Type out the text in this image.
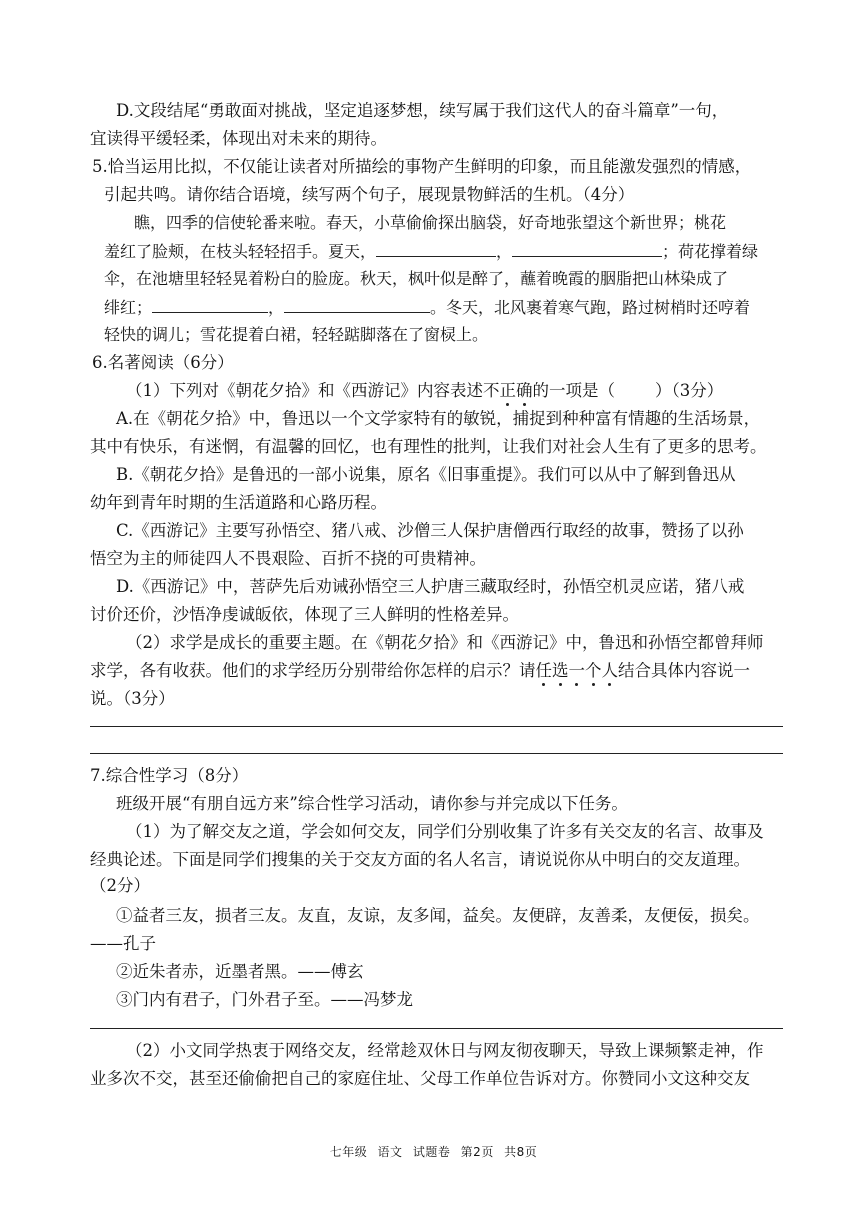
D.文段结尾“勇敢面对挑战，坚定追逐梦想，续写属于我们这代人的奋斗篇章”一句，
宜读得平缓轻柔，体现出对未来的期待。
5.恰当运用比拟，不仅能让读者对所描绘的事物产生鲜明的印象，而且能激发强烈的情感，
引起共鸣。请你结合语境，续写两个句子，展现景物鲜活的生机。（4分）
瞧，四季的信使轮番来啦。春天，小草偷偷探出脑袋，好奇地张望这个新世界；桃花
羞红了脸颊，在枝头轻轻招手。夏天，	，	；荷花撑着绿
伞，在池塘里轻轻晃着粉白的脸庞。秋天，枫叶似是醉了，蘸着晚霞的胭脂把山林染成了
绯红；	，	。冬天，北风裹着寒气跑，路过树梢时还哼着
轻快的调儿；雪花提着白裙，轻轻踮脚落在了窗棂上。
6.名著阅读（6分）
（1）下列对《朝花夕拾》和《西游记》内容表述不正确的一项是（ ）（3分）
A.在《朝花夕拾》中，鲁迅以一个文学家特有的敏锐，捕捉到种种富有情趣的生活场景，
其中有快乐，有迷惘，有温馨的回忆，也有理性的批判，让我们对社会人生有了更多的思考。
B.《朝花夕拾》是鲁迅的一部小说集，原名《旧事重提》。我们可以从中了解到鲁迅从
幼年到青年时期的生活道路和心路历程。
C.《西游记》主要写孙悟空、猪八戒、沙僧三人保护唐僧西行取经的故事，赞扬了以孙
悟空为主的师徒四人不畏艰险、百折不挠的可贵精神。
D.《西游记》中，菩萨先后劝诫孙悟空三人护唐三藏取经时，孙悟空机灵应诺，猪八戒
讨价还价，沙悟净虔诚皈依，体现了三人鲜明的性格差异。
（2）求学是成长的重要主题。在《朝花夕拾》和《西游记》中，鲁迅和孙悟空都曾拜师
求学，各有收获。他们的求学经历分别带给你怎样的启示？请任选一个人结合具体内容说一
说。（3分）
7.综合性学习（8分）
班级开展“有朋自远方来”综合性学习活动，请你参与并完成以下任务。
（1）为了解交友之道，学会如何交友，同学们分别收集了许多有关交友的名言、故事及
经典论述。下面是同学们搜集的关于交友方面的名人名言，请说说你从中明白的交友道理。
（2分）
①益者三友，损者三友。友直，友谅，友多闻，益矣。友便辟，友善柔，友便佞，损矣。
——孔子
②近朱者赤，近墨者黑。——傅玄
③门内有君子，门外君子至。——冯梦龙
（2）小文同学热衷于网络交友，经常趁双休日与网友彻夜聊天，导致上课频繁走神，作
业多次不交，甚至还偷偷把自己的家庭住址、父母工作单位告诉对方。你赞同小文这种交友
七年级 语文 试题卷 第2页 共8页
